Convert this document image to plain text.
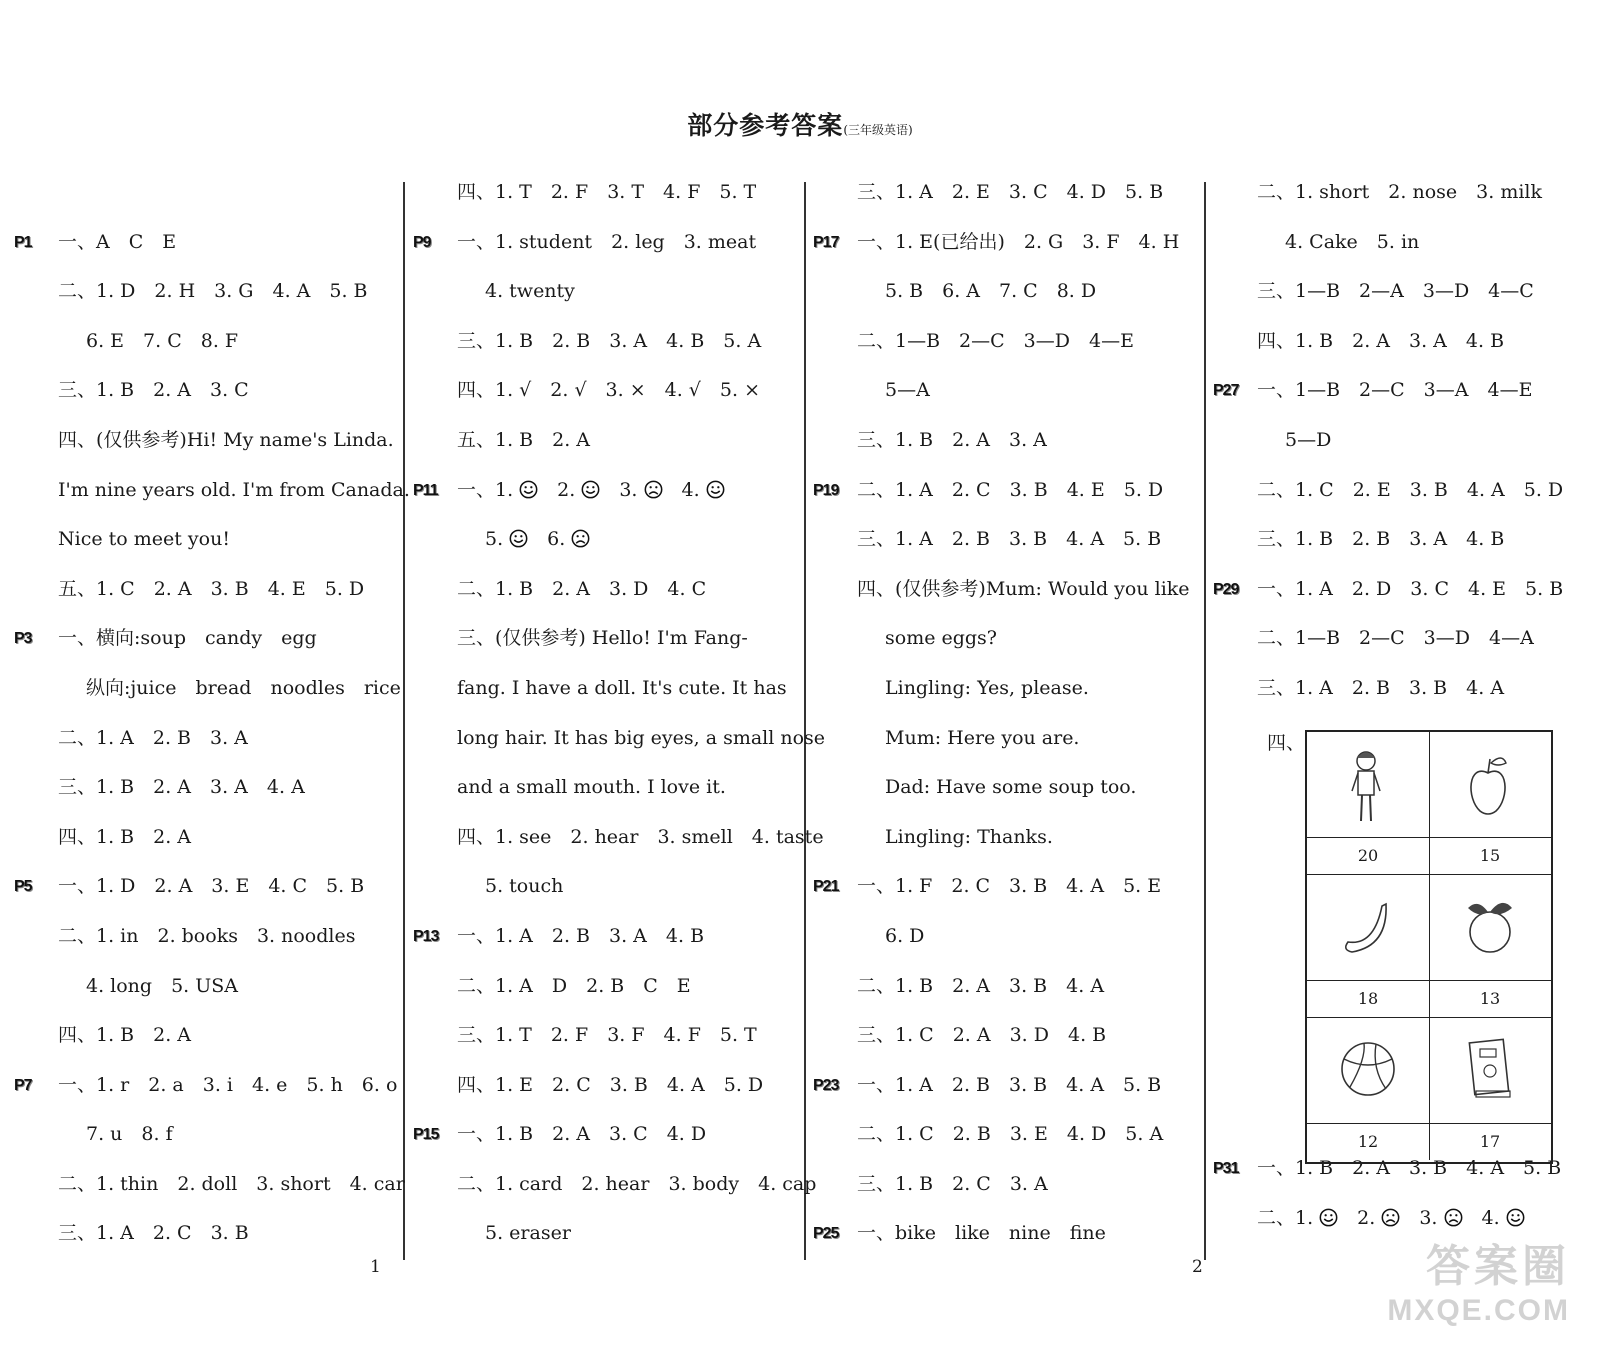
部分参考答案(三年级英语)
P1 一、A　C　E
二、1. D　2. H　3. G　4. A　5. B
6. E　7. C　8. F
三、1. B　2. A　3. C
四、(仅供参考)Hi! My name's Linda.
I'm nine years old. I'm from Canada.
Nice to meet you!
五、1. C　2. A　3. B　4. E　5. D
P3 一、横向:soup　candy　egg
纵向:juice　bread　noodles　rice
二、1. A　2. B　3. A
三、1. B　2. A　3. A　4. A
四、1. B　2. A
P5 一、1. D　2. A　3. E　4. C　5. B
二、1. in　2. books　3. noodles
4. long　5. USA
四、1. B　2. A
P7 一、1. r　2. a　3. i　4. e　5. h　6. o
7. u　8. f
二、1. thin　2. doll　3. short　4. car
三、1. A　2. C　3. B
四、1. T　2. F　3. T　4. F　5. T
P9 一、1. student　2. leg　3. meat
4. twenty
三、1. B　2. B　3. A　4. B　5. A
四、1. √　2. √　3. ×　4. √　5. ×
五、1. B　2. A
P11 一、1. 　2. 　3. 　4.
5. 　6.
二、1. B　2. A　3. D　4. C
三、(仅供参考) Hello! I'm Fang-
fang. I have a doll. It's cute. It has
long hair. It has big eyes, a small nose
and a small mouth. I love it.
四、1. see　2. hear　3. smell　4. taste
5. touch
P13 一、1. A　2. B　3. A　4. B
二、1. A　D　2. B　C　E
三、1. T　2. F　3. F　4. F　5. T
四、1. E　2. C　3. B　4. A　5. D
P15 一、1. B　2. A　3. C　4. D
二、1. card　2. hear　3. body　4. cap
5. eraser
三、1. A　2. E　3. C　4. D　5. B
P17 一、1. E(已给出)　2. G　3. F　4. H
5. B　6. A　7. C　8. D
二、1—B　2—C　3—D　4—E
5—A
三、1. B　2. A　3. A
P19 二、1. A　2. C　3. B　4. E　5. D
三、1. A　2. B　3. B　4. A　5. B
四、(仅供参考)Mum: Would you like
some eggs?
Lingling: Yes, please.
Mum: Here you are.
Dad: Have some soup too.
Lingling: Thanks.
P21 一、1. F　2. C　3. B　4. A　5. E
6. D
二、1. B　2. A　3. B　4. A
三、1. C　2. A　3. D　4. B
P23 一、1. A　2. B　3. B　4. A　5. B
二、1. C　2. B　3. E　4. D　5. A
三、1. B　2. C　3. A
P25 一、bike　like　nine　fine
二、1. short　2. nose　3. milk
4. Cake　5. in
三、1—B　2—A　3—D　4—C
四、1. B　2. A　3. A　4. B
P27 一、1—B　2—C　3—A　4—E
5—D
二、1. C　2. E　3. B　4. A　5. D
三、1. B　2. B　3. A　4. B
P29 一、1. A　2. D　3. C　4. E　5. B
二、1—B　2—C　3—D　4—A
三、1. A　2. B　3. B　4. A
P31 一、1. B　2. A　3. B　4. A　5. B
二、1. 　2. 　3. 　4.
四、
20	15
18	13
12	17
1	2	答案圈
MXQE.COM
